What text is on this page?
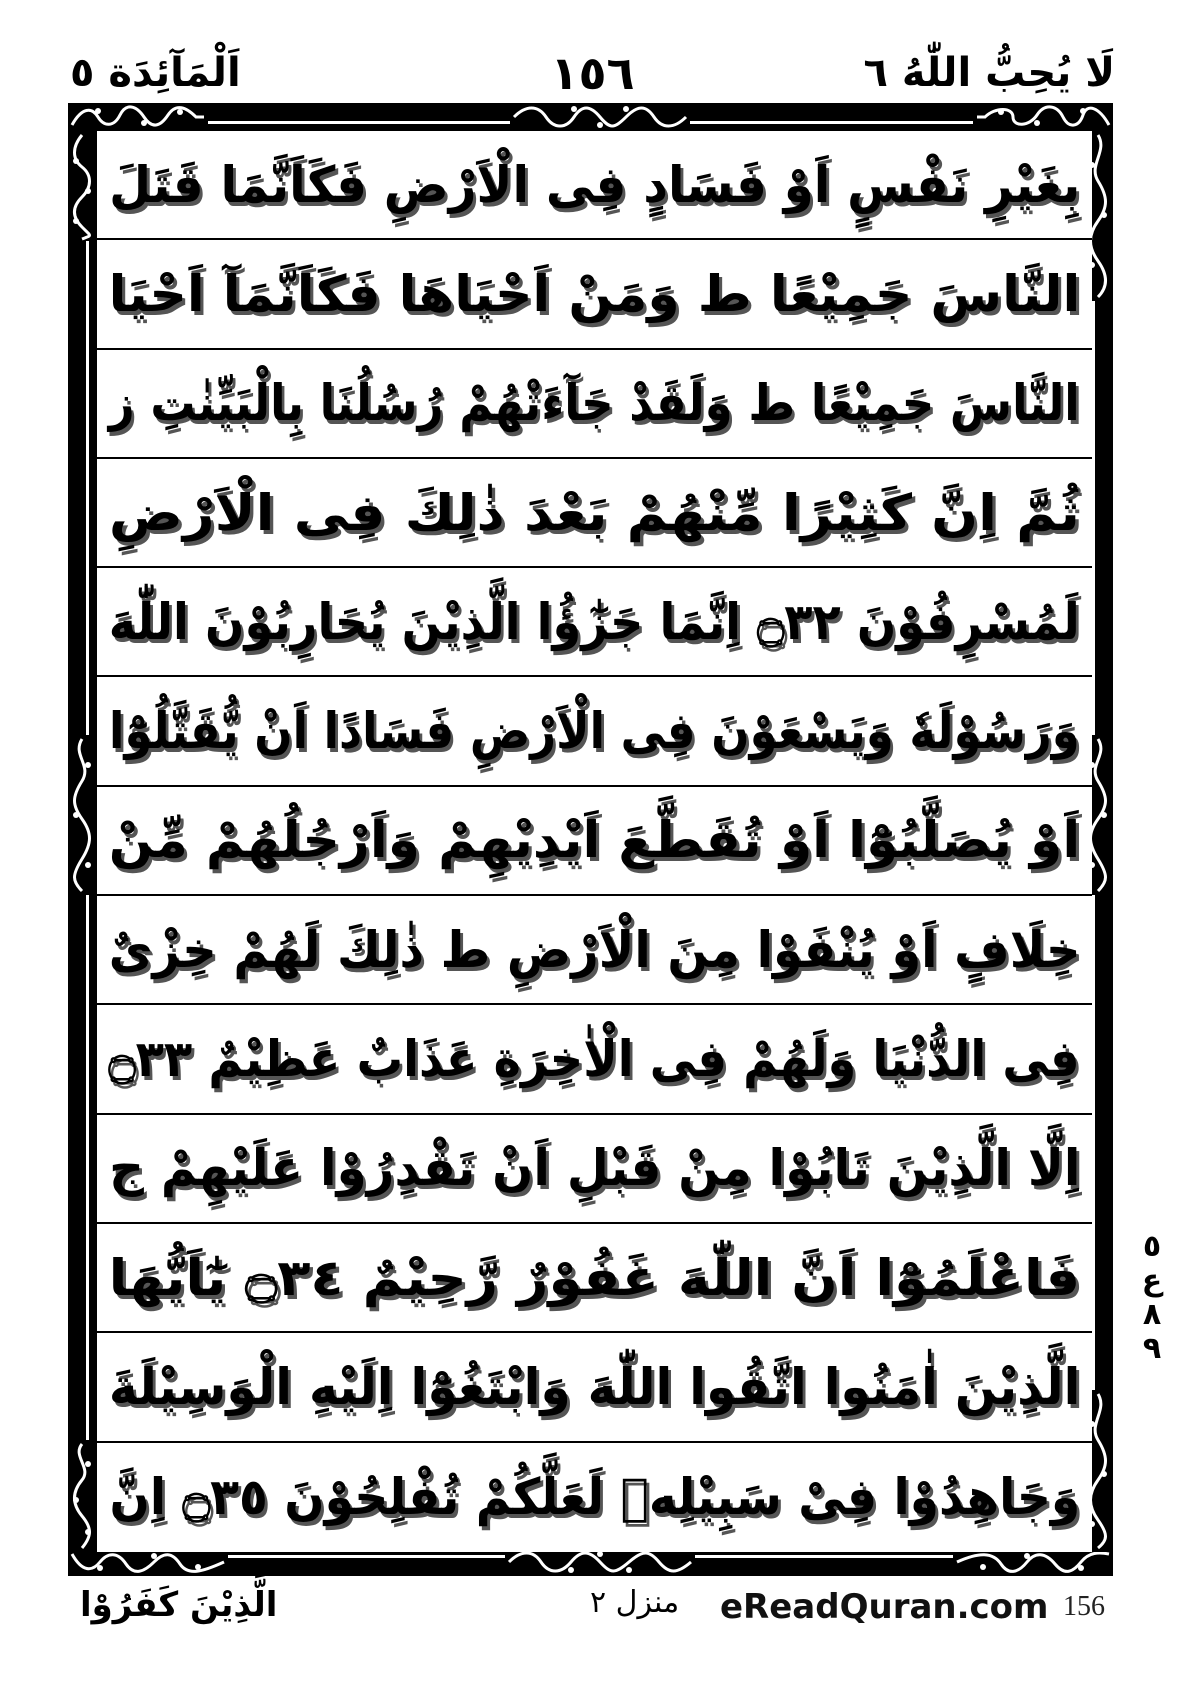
لَا يُحِبُّ اللّٰهُ ٦
١٥٦
اَلْمَآئِدَة ٥
بِغَيْرِ نَفْسٍ اَوْ فَسَادٍ فِى الْاَرْضِ فَكَاَنَّمَا قَتَلَ
النَّاسَ جَمِيْعًا ط وَمَنْ اَحْيَاهَا فَكَاَنَّمَآ اَحْيَا
النَّاسَ جَمِيْعًا ط وَلَقَدْ جَآءَتْهُمْ رُسُلُنَا بِالْبَيِّنٰتِ ز
ثُمَّ اِنَّ كَثِيْرًا مِّنْهُمْ بَعْدَ ذٰلِكَ فِى الْاَرْضِ
لَمُسْرِفُوْنَ ۝٣٢ اِنَّمَا جَزٰٓؤُا الَّذِيْنَ يُحَارِبُوْنَ اللّٰهَ
وَرَسُوْلَهٗ وَيَسْعَوْنَ فِى الْاَرْضِ فَسَادًا اَنْ يُّقَتَّلُوْٓا
اَوْ يُصَلَّبُوْٓا اَوْ تُقَطَّعَ اَيْدِيْهِمْ وَاَرْجُلُهُمْ مِّنْ
خِلَافٍ اَوْ يُنْفَوْا مِنَ الْاَرْضِ ط ذٰلِكَ لَهُمْ خِزْىٌ
فِى الدُّنْيَا وَلَهُمْ فِى الْاٰخِرَةِ عَذَابٌ عَظِيْمٌ ۝٣٣
اِلَّا الَّذِيْنَ تَابُوْا مِنْ قَبْلِ اَنْ تَقْدِرُوْا عَلَيْهِمْ ج
فَاعْلَمُوْٓا اَنَّ اللّٰهَ غَفُوْرٌ رَّحِيْمٌ ۝٣٤ يٰٓاَيُّهَا
الَّذِيْنَ اٰمَنُوا اتَّقُوا اللّٰهَ وَابْتَغُوْٓا اِلَيْهِ الْوَسِيْلَةَ
وَجَاهِدُوْا فِىْ سَبِيْلِهٖ لَعَلَّكُمْ تُفْلِحُوْنَ ۝٣٥ اِنَّ
٥
ع
٨
٩
الَّذِيْنَ كَفَرُوْا	منزل ٢ eReadQuran.com 156
